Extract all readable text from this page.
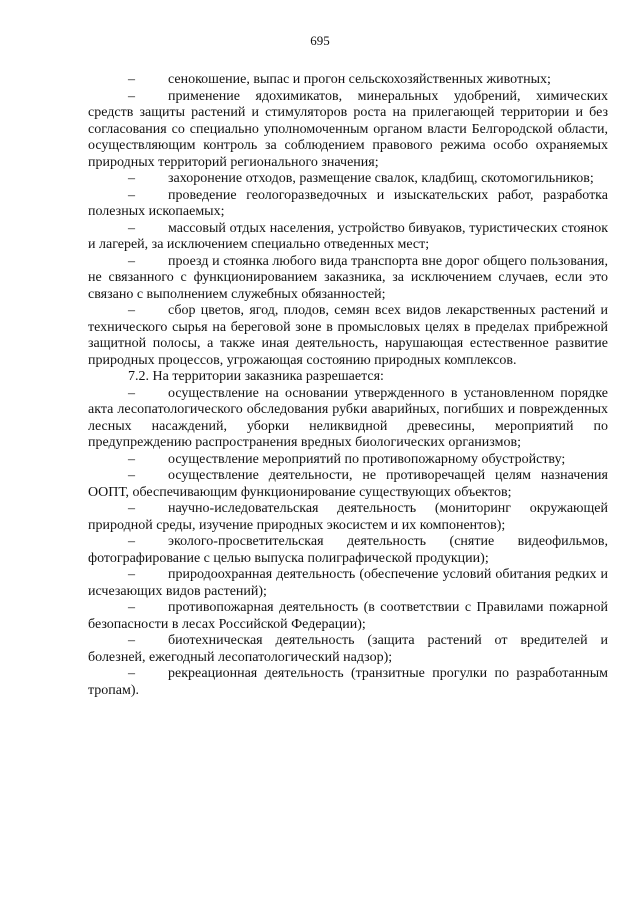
695

– сенокошение, выпас и прогон сельскохозяйственных животных;

– применение ядохимикатов, минеральных удобрений, химических средств защиты растений и стимуляторов роста на прилегающей территории и без согласования со специально уполномоченным органом власти Белгородской области, осуществляющим контроль за соблюдением правового режима особо охраняемых природных территорий регионального значения;

– захоронение отходов, размещение свалок, кладбищ, скотомогильников;

– проведение геологоразведочных и изыскательских работ, разработка полезных ископаемых;

– массовый отдых населения, устройство бивуаков, туристических стоянок и лагерей, за исключением специально отведенных мест;

– проезд и стоянка любого вида транспорта вне дорог общего пользования, не связанного с функционированием заказника, за исключением случаев, если это связано с выполнением служебных обязанностей;

– сбор цветов, ягод, плодов, семян всех видов лекарственных растений и технического сырья на береговой зоне в промысловых целях в пределах прибрежной защитной полосы, а также иная деятельность, нарушающая естественное развитие природных процессов, угрожающая состоянию природных комплексов.

7.2. На территории заказника разрешается:

– осуществление на основании утвержденного в установленном порядке акта лесопатологического обследования рубки аварийных, погибших и поврежденных лесных насаждений, уборки неликвидной древесины, мероприятий по предупреждению распространения вредных биологических организмов;

– осуществление мероприятий по противопожарному обустройству;

– осуществление деятельности, не противоречащей целям назначения ООПТ, обеспечивающим функционирование существующих объектов;

– научно-иследовательская деятельность (мониторинг окружающей природной среды, изучение природных экосистем и их компонентов);

– эколого-просветительская деятельность (снятие видеофильмов, фотографирование с целью выпуска полиграфической продукции);

– природоохранная деятельность (обеспечение условий обитания редких и исчезающих видов растений);

– противопожарная деятельность (в соответствии с Правилами пожарной безопасности в лесах Российской Федерации);

– биотехническая деятельность (защита растений от вредителей и болезней, ежегодный лесопатологический надзор);

– рекреационная деятельность (транзитные прогулки по разработанным тропам).
